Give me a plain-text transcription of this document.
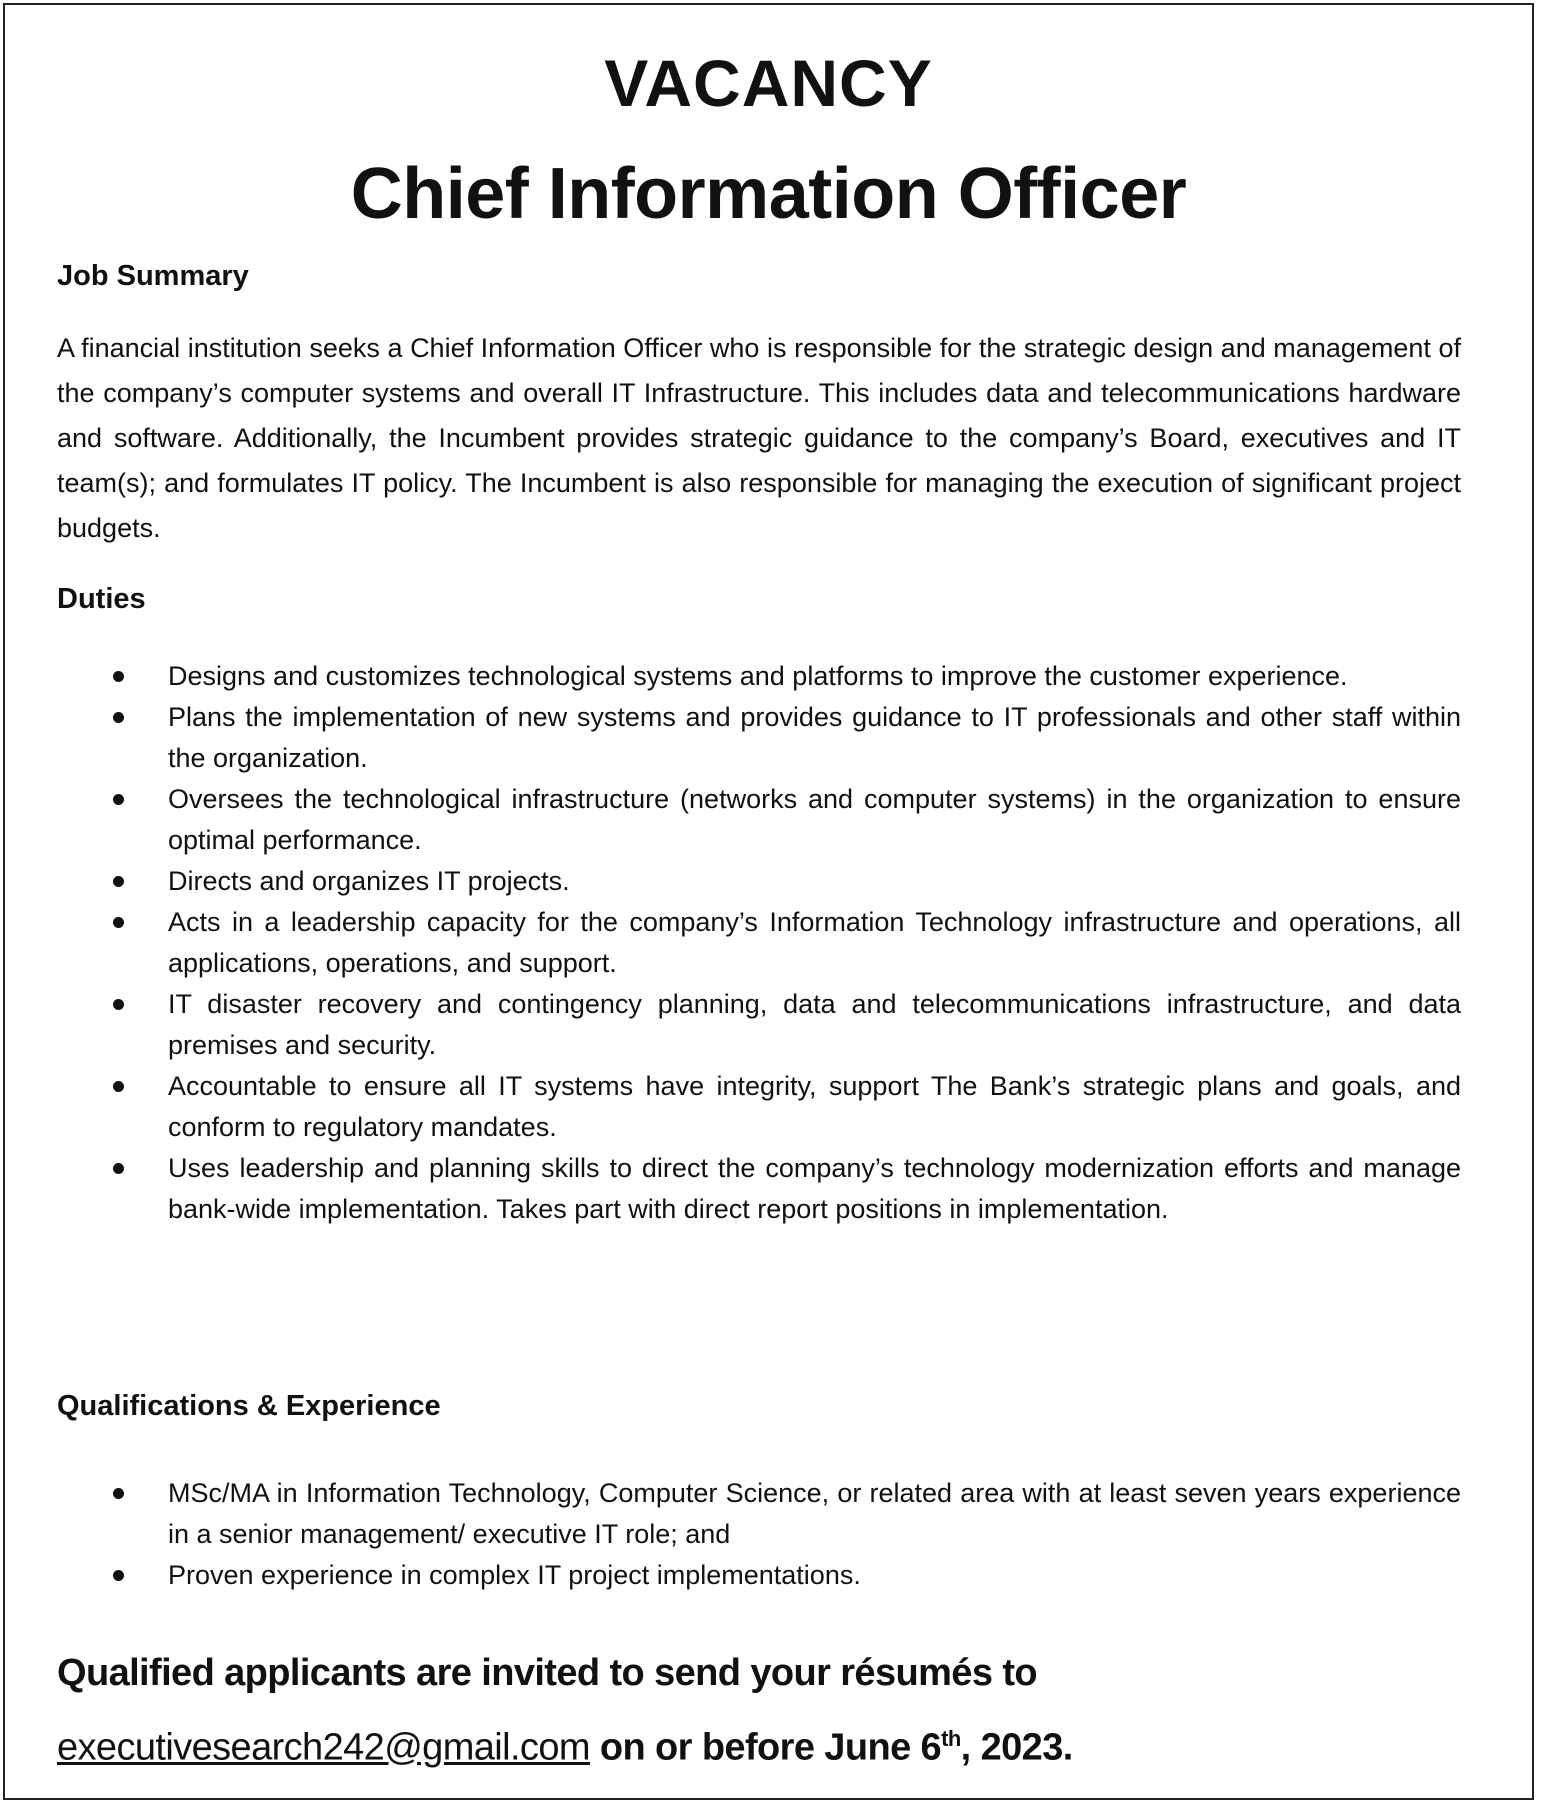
VACANCY
Chief Information Officer
Job Summary
A financial institution seeks a Chief Information Officer who is responsible for the strategic design and management of the company’s computer systems and overall IT Infrastructure. This includes data and telecommunications hardware and software. Additionally, the Incumbent provides strategic guidance to the company’s Board, executives and IT team(s); and formulates IT policy. The Incumbent is also responsible for managing the execution of significant project budgets.
Duties
Designs and customizes technological systems and platforms to improve the customer experience.
Plans the implementation of new systems and provides guidance to IT professionals and other staff within the organization.
Oversees the technological infrastructure (networks and computer systems) in the organization to ensure optimal performance.
Directs and organizes IT projects.
Acts in a leadership capacity for the company’s Information Technology infrastructure and operations, all applications, operations, and support.
IT disaster recovery and contingency planning, data and telecommunications infrastructure, and data premises and security.
Accountable to ensure all IT systems have integrity, support The Bank’s strategic plans and goals, and conform to regulatory mandates.
Uses leadership and planning skills to direct the company’s technology modernization efforts and manage bank-wide implementation. Takes part with direct report positions in implementation.
Qualifications & Experience
MSc/MA in Information Technology, Computer Science, or related area with at least seven years experience in a senior management/ executive IT role; and
Proven experience in complex IT project implementations.
Qualified applicants are invited to send your résumés to executivesearch242@gmail.com on or before June 6th, 2023.
